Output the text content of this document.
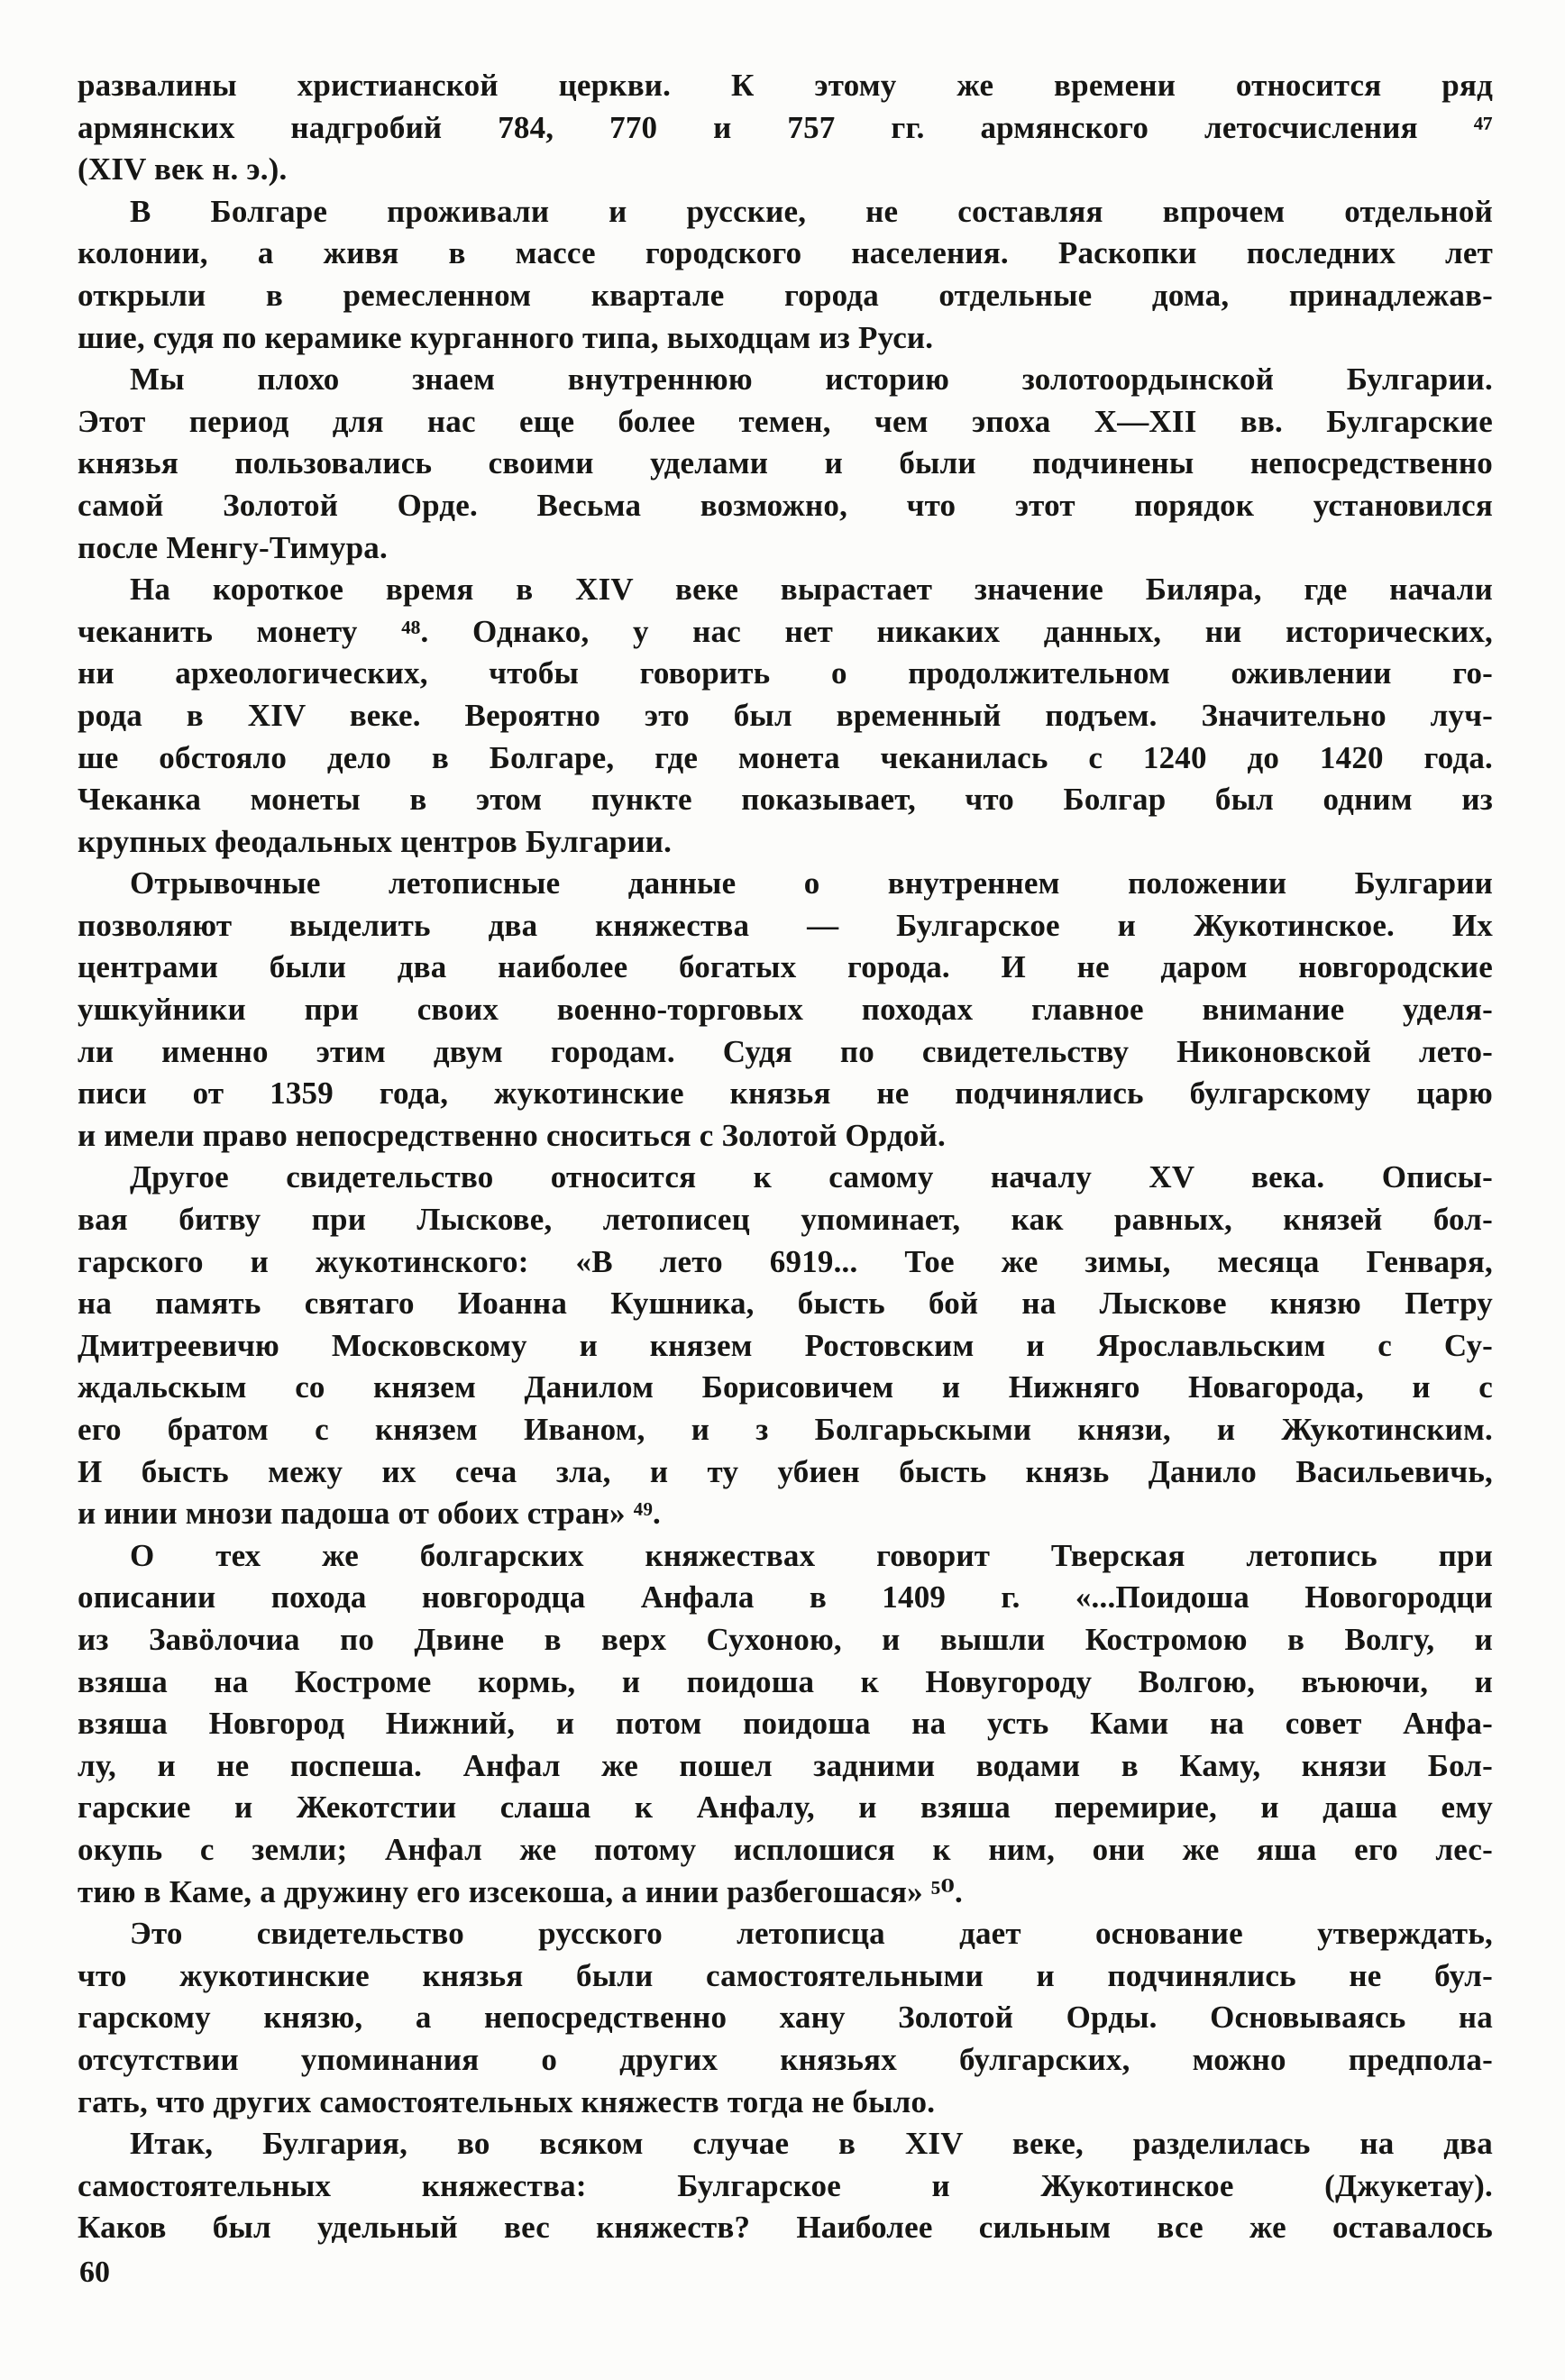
развалины христианской церкви. К этому же времени относится ряд
армянских надгробий 784, 770 и 757 гг. армянского летосчисления ⁴⁷
(XIV век н. э.).
В Болгаре проживали и русские, не составляя впрочем отдельной
колонии, а живя в массе городского населения. Раскопки последних лет
открыли в ремесленном квартале города отдельные дома, принадлежав-
шие, судя по керамике курганного типа, выходцам из Руси.
Мы плохо знаем внутреннюю историю золотоордынской Булгарии.
Этот период для нас еще более темен, чем эпоха X—XII вв. Булгарские
князья пользовались своими уделами и были подчинены непосредственно
самой Золотой Орде. Весьма возможно, что этот порядок установился
после Менгу-Тимура.
На короткое время в XIV веке вырастает значение Биляра, где начали
чеканить монету ⁴⁸. Однако, у нас нет никаких данных, ни исторических,
ни археологических, чтобы говорить о продолжительном оживлении го-
рода в XIV веке. Вероятно это был временный подъем. Значительно луч-
ше обстояло дело в Болгаре, где монета чеканилась с 1240 до 1420 года.
Чеканка монеты в этом пункте показывает, что Болгар был одним из
крупных феодальных центров Булгарии.
Отрывочные летописные данные о внутреннем положении Булгарии
позволяют выделить два княжества — Булгарское и Жукотинское. Их
центрами были два наиболее богатых города. И не даром новгородские
ушкуйники при своих военно-торговых походах главное внимание уделя-
ли именно этим двум городам. Судя по свидетельству Никоновской лето-
писи от 1359 года, жукотинские князья не подчинялись булгарскому царю
и имели право непосредственно сноситься с Золотой Ордой.
Другое свидетельство относится к самому началу XV века. Описы-
вая битву при Лыскове, летописец упоминает, как равных, князей бол-
гарского и жукотинского: «В лето 6919... Тое же зимы, месяца Генваря,
на память святаго Иоанна Кушника, бысть бой на Лыскове князю Петру
Дмитреевичю Московскому и князем Ростовским и Ярославльским с Су-
ждальскым со князем Данилом Борисовичем и Нижняго Новагорода, и с
его братом с князем Иваном, и з Болгарьскыми князи, и Жукотинским.
И бысть межу их сеча зла, и ту убиен бысть князь Данило Васильевичь,
и инии мнози падоша от обоих стран» ⁴⁹.
О тех же болгарских княжествах говорит Тверская летопись при
описании похода новгородца Анфала в 1409 г. «...Поидоша Новогородци
из Завӧлочиа по Двине в верх Сухоною, и вышли Костромою в Волгу, и
взяша на Костроме кормь, и поидоша к Новугороду Волгою, въюючи, и
взяша Новгород Нижний, и потом поидоша на усть Ками на совет Анфа-
лу, и не поспеша. Анфал же пошел задними водами в Каму, князи Бол-
гарские и Жекотстии слаша к Анфалу, и взяша перемирие, и даша ему
окупь с земли; Анфал же потому исплошися к ним, они же яша его лес-
тию в Каме, а дружину его изсекоша, а инии разбегошася» ⁵⁰.
Это свидетельство русского летописца дает основание утверждать,
что жукотинские князья были самостоятельными и подчинялись не бул-
гарскому князю, а непосредственно хану Золотой Орды. Основываясь на
отсутствии упоминания о других князьях булгарских, можно предпола-
гать, что других самостоятельных княжеств тогда не было.
Итак, Булгария, во всяком случае в XIV веке, разделилась на два
самостоятельных княжества: Булгарское и Жукотинское (Джукетау).
Каков был удельный вес княжеств? Наиболее сильным все же оставалось
60
